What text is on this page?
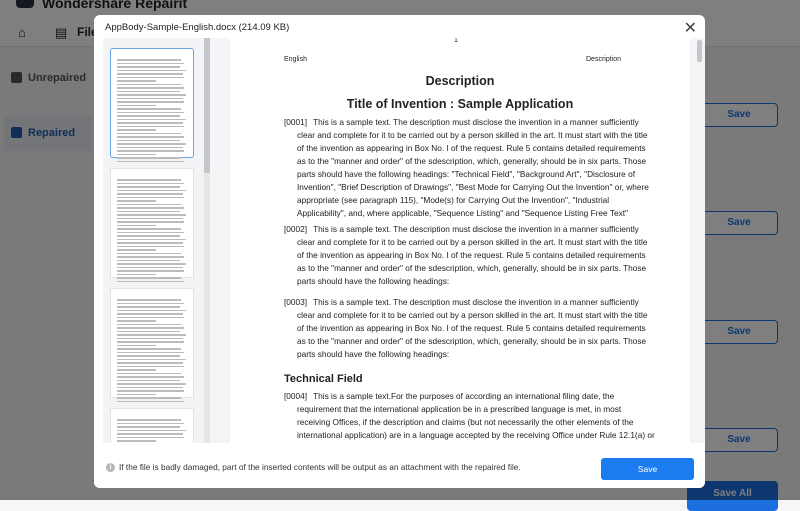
AppBody-Sample-English.docx (214.09 KB)	✕
1
English	Description
Description
Title of Invention : Sample Application
[0001] This is a sample text. The description must disclose the invention in a manner sufficiently
clear and complete for it to be carried out by a person skilled in the art. It must start with the title
of the invention as appearing in Box No. I of the request. Rule 5 contains detailed requirements
as to the "manner and order" of the sdescription, which, generally, should be in six parts. Those
parts should have the following headings: "Technical Field", "Background Art", "Disclosure of
Invention", "Brief Description of Drawings", "Best Mode for Carrying Out the Invention" or, where
appropriate (see paragraph 115), "Mode(s) for Carrying Out the Invention", "Industrial
Applicability", and, where applicable, "Sequence Listing" and "Sequence Listing Free Text"
[0002] This is a sample text. The description must disclose the invention in a manner sufficiently
clear and complete for it to be carried out by a person skilled in the art. It must start with the title
of the invention as appearing in Box No. I of the request. Rule 5 contains detailed requirements
as to the "manner and order" of the sdescription, which, generally, should be in six parts. Those
parts should have the following headings:
[0003] This is a sample text. The description must disclose the invention in a manner sufficiently
clear and complete for it to be carried out by a person skilled in the art. It must start with the title
of the invention as appearing in Box No. I of the request. Rule 5 contains detailed requirements
as to the "manner and order" of the sdescription, which, generally, should be in six parts. Those
parts should have the following headings:
[0004] This is a sample text.For the purposes of according an international filing date, the
requirement that the international application be in a prescribed language is met, in most
receiving Offices, if the description and claims (but not necessarily the other elements of the
international application) are in a language accepted by the receiving Office under Rule 12.1(a) or
Technical Field
i If the file is badly damaged, part of the inserted contents will be output as an attachment with the repaired file.	Save
